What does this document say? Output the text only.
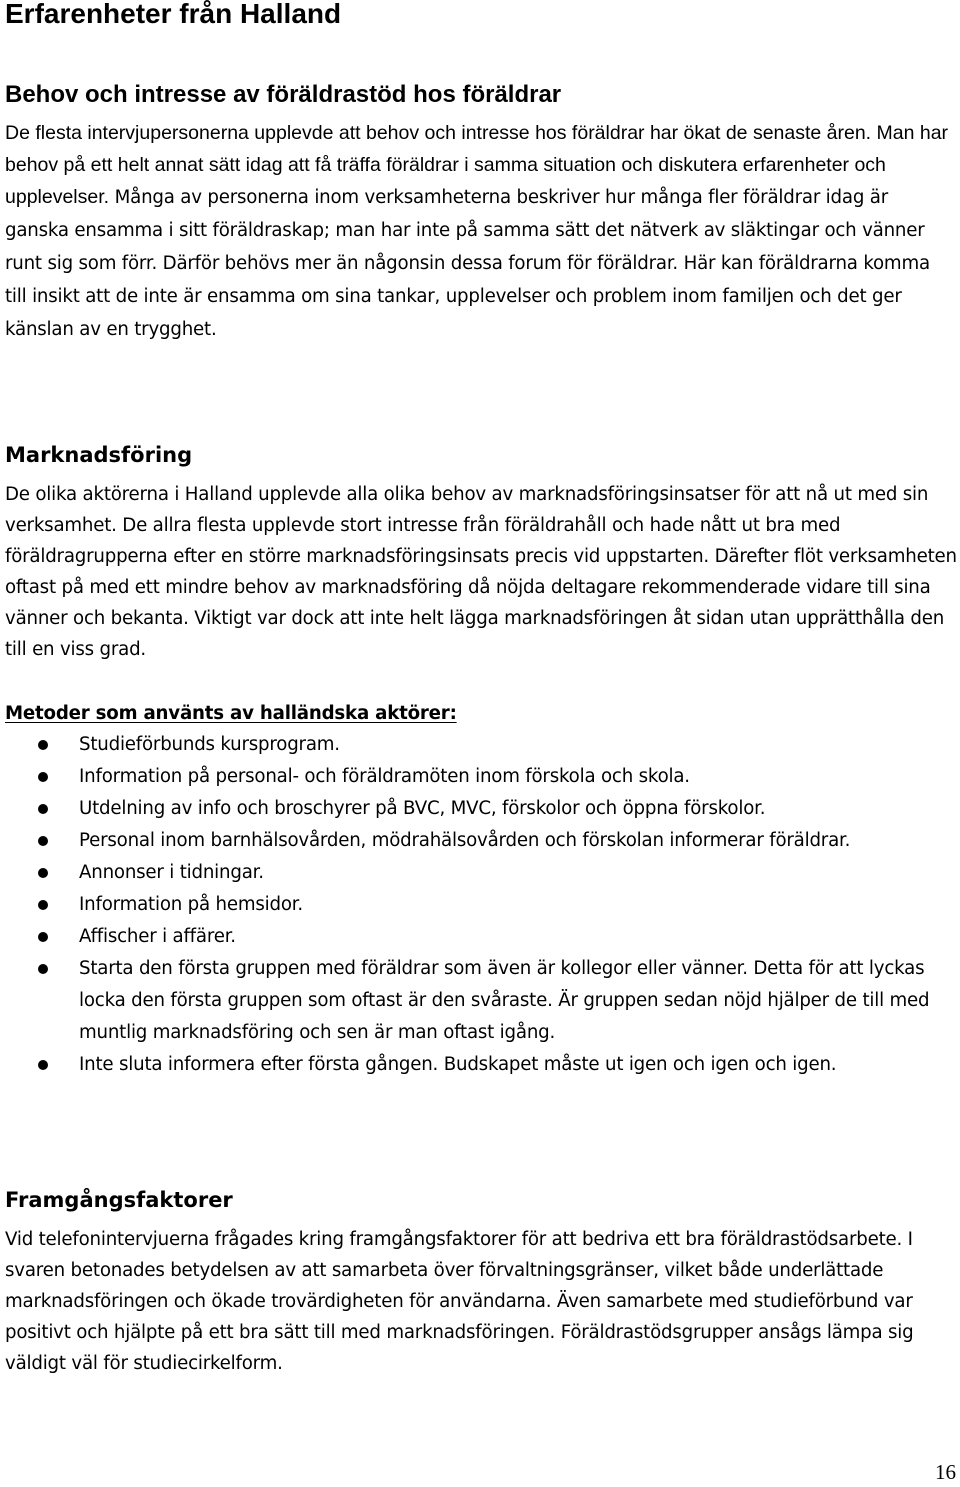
Erfarenheter från Halland
Behov och intresse av föräldrastöd hos föräldrar

De flesta intervjupersonerna upplevde att behov och intresse hos föräldrar har ökat de senaste åren. Man har behov på ett helt annat sätt idag att få träffa föräldrar i samma situation och diskutera erfarenheter och upplevelser. Många av personerna inom verksamheterna beskriver hur många fler föräldrar idag är ganska ensamma i sitt föräldraskap; man har inte på samma sätt det nätverk av släktingar och vänner runt sig som förr. Därför behövs mer än någonsin dessa forum för föräldrar. Här kan föräldrarna komma till insikt att de inte är ensamma om sina tankar, upplevelser och problem inom familjen och det ger känslan av en trygghet.

Marknadsföring

De olika aktörerna i Halland upplevde alla olika behov av marknadsföringsinsatser för att nå ut med sin verksamhet. De allra flesta upplevde stort intresse från föräldrahåll och hade nått ut bra med föräldragrupperna efter en större marknadsföringsinsats precis vid uppstarten. Därefter flöt verksamheten oftast på med ett mindre behov av marknadsföring då nöjda deltagare rekommenderade vidare till sina vänner och bekanta. Viktigt var dock att inte helt lägga marknadsföringen åt sidan utan upprätthålla den till en viss grad.

Metoder som använts av halländska aktörer:

Studieförbunds kursprogram.
Information på personal- och föräldramöten inom förskola och skola.
Utdelning av info och broschyrer på BVC, MVC, förskolor och öppna förskolor.
Personal inom barnhälsovården, mödrahälsovården och förskolan informerar föräldrar.
Annonser i tidningar.
Information på hemsidor.
Affischer i affärer.
Starta den första gruppen med föräldrar som även är kollegor eller vänner. Detta för att lyckas locka den första gruppen som oftast är den svåraste. Är gruppen sedan nöjd hjälper de till med muntlig marknadsföring och sen är man oftast igång.
Inte sluta informera efter första gången. Budskapet måste ut igen och igen och igen.
Framgångsfaktorer

Vid telefonintervjuerna frågades kring framgångsfaktorer för att bedriva ett bra föräldrastödsarbete. I svaren betonades betydelsen av att samarbeta över förvaltningsgränser, vilket både underlättade marknadsföringen och ökade trovärdigheten för användarna. Även samarbete med studieförbund var positivt och hjälpte på ett bra sätt till med marknadsföringen. Föräldrastödsgrupper ansågs lämpa sig väldigt väl för studiecirkelform.

16
